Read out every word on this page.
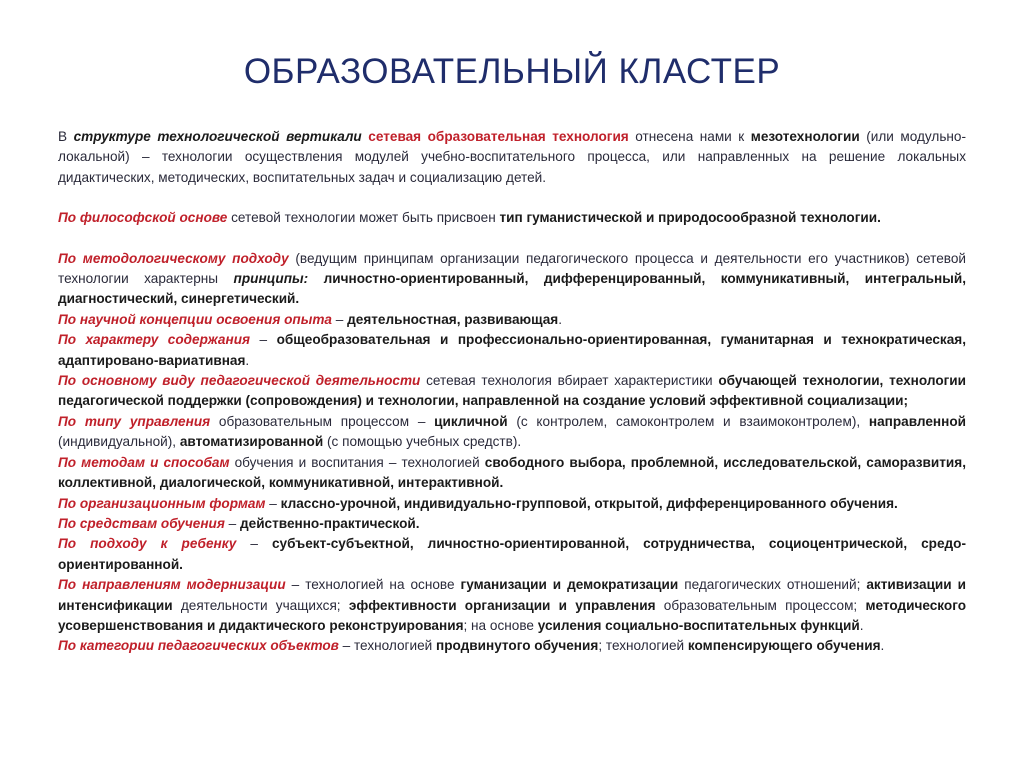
ОБРАЗОВАТЕЛЬНЫЙ КЛАСТЕР

В структуре технологической вертикали сетевая образовательная технология отнесена нами к мезотехнологии (или модульно-локальной) – технологии осуществления модулей учебно-воспитательного процесса, или направленных на решение локальных дидактических, методических, воспитательных задач и социализацию детей.

По философской основе сетевой технологии может быть присвоен тип гуманистической и природосообразной технологии.

По методологическому подходу (ведущим принципам организации педагогического процесса и деятельности его участников) сетевой технологии характерны принципы: личностно-ориентированный, дифференцированный, коммуникативный, интегральный, диагностический, синергетический.

По научной концепции освоения опыта – деятельностная, развивающая.

По характеру содержания – общеобразовательная и профессионально-ориентированная, гуманитарная и технократическая, адаптировано-вариативная.

По основному виду педагогической деятельности сетевая технология вбирает характеристики обучающей технологии, технологии педагогической поддержки (сопровождения) и технологии, направленной на создание условий эффективной социализации;

По типу управления образовательным процессом – цикличной (с контролем, самоконтролем и взаимоконтролем), направленной (индивидуальной), автоматизированной (с помощью учебных средств).

По методам и способам обучения и воспитания – технологией свободного выбора, проблемной, исследовательской, саморазвития, коллективной, диалогической, коммуникативной, интерактивной.

По организационным формам – классно-урочной, индивидуально-групповой, открытой, дифференцированного обучения.

По средствам обучения – действенно-практической.

По подходу к ребенку – субъект-субъектной, личностно-ориентированной, сотрудничества, социоцентрической, средо-ориентированной.

По направлениям модернизации – технологией на основе гуманизации и демократизации педагогических отношений; активизации и интенсификации деятельности учащихся; эффективности организации и управления образовательным процессом; методического усовершенствования и дидактического реконструирования; на основе усиления социально-воспитательных функций.

По категории педагогических объектов – технологией продвинутого обучения; технологией компенсирующего обучения.
